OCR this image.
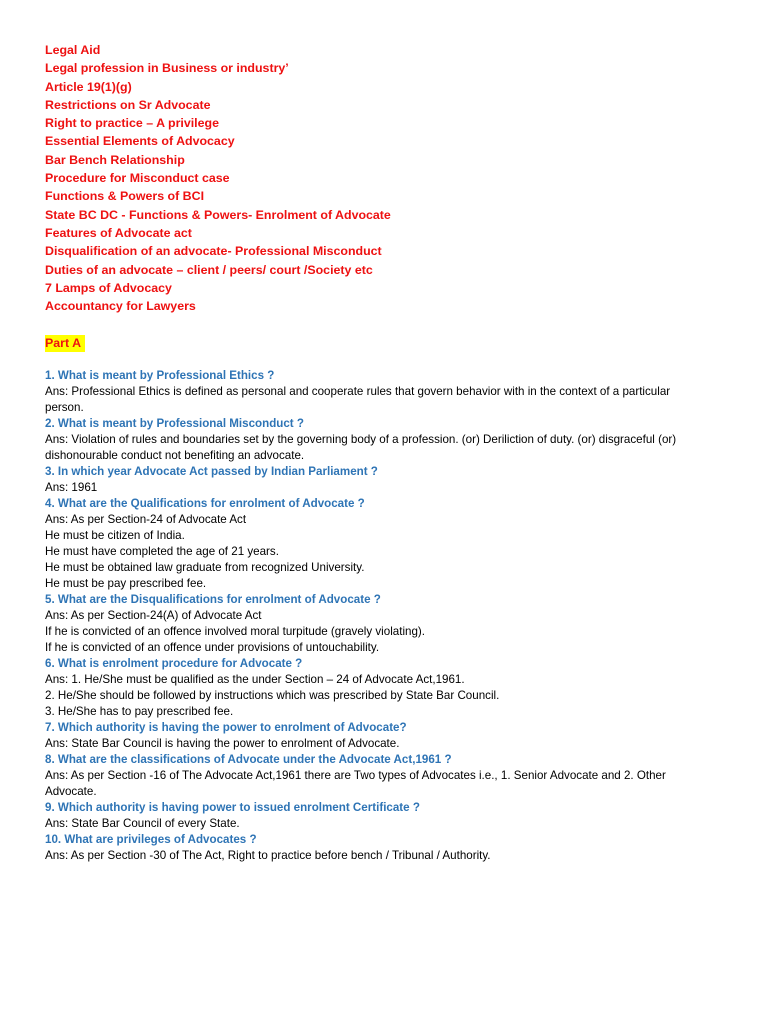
Legal Aid
Legal profession in Business or industry’
Article 19(1)(g)
Restrictions on Sr Advocate
Right to practice – A privilege
Essential Elements of Advocacy
Bar Bench Relationship
Procedure for Misconduct case
Functions & Powers of BCI
State BC DC - Functions & Powers- Enrolment of Advocate
Features of Advocate act
Disqualification of an advocate- Professional Misconduct
Duties of an advocate – client / peers/ court /Society etc
7 Lamps of Advocacy
Accountancy for Lawyers
Part A
1. What is meant by Professional Ethics ?
Ans: Professional Ethics is defined as personal and cooperate rules that govern behavior with in the context of a particular person.
2. What is meant by Professional Misconduct ?
Ans: Violation of rules and boundaries set by the governing body of a profession. (or) Deriliction of duty. (or) disgraceful (or) dishonourable conduct not benefiting an advocate.
3. In which year Advocate Act passed by Indian Parliament ?
Ans: 1961
4. What are the Qualifications for enrolment of Advocate ?
Ans: As per Section-24 of Advocate Act
He must be citizen of India.
He must have completed the age of 21 years.
He must be obtained law graduate from recognized University.
He must be pay prescribed fee.
5. What are the Disqualifications for enrolment of Advocate ?
Ans: As per Section-24(A) of Advocate Act
If he is convicted of an offence involved moral turpitude (gravely violating).
If he is convicted of an offence under provisions of untouchability.
6. What is enrolment procedure for Advocate ?
Ans: 1. He/She must be qualified as the under Section – 24 of Advocate Act,1961.
2. He/She should be followed by instructions which was prescribed by State Bar Council.
3. He/She has to pay prescribed fee.
7. Which authority is having the power to enrolment of Advocate?
Ans: State Bar Council is having the power to enrolment of Advocate.
8. What are the classifications of Advocate under the Advocate Act,1961 ?
Ans: As per Section -16 of The Advocate Act,1961 there are Two types of Advocates i.e., 1. Senior Advocate and 2. Other Advocate.
9. Which authority is having power to issued enrolment Certificate ?
Ans: State Bar Council of every State.
10. What are privileges of Advocates ?
Ans: As per Section -30 of The Act, Right to practice before bench / Tribunal / Authority.
